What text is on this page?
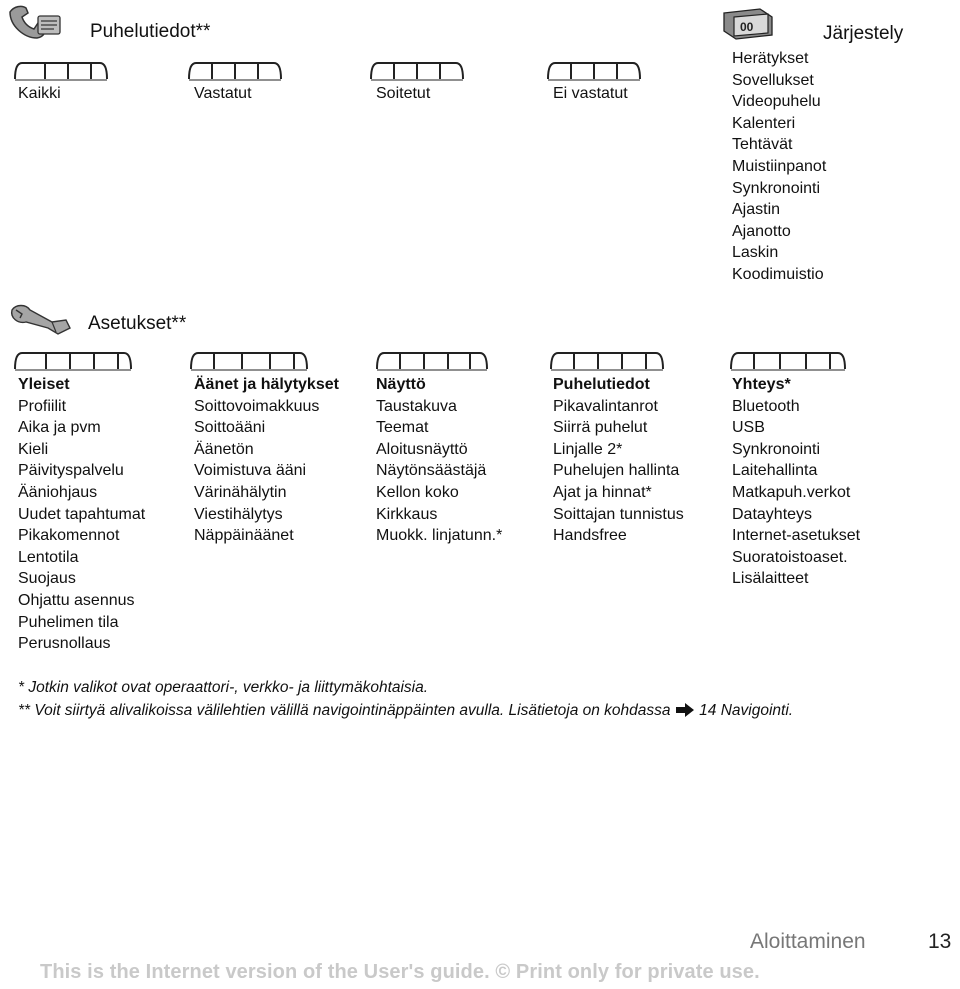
Puhelutiedot**
Kaikki	Vastatut	Soitetut	Ei vastatut
00	Järjestely
Herätykset
Sovellukset
Videopuhelu
Kalenteri
Tehtävät
Muistiinpanot
Synkronointi
Ajastin
Ajanotto
Laskin
Koodimuistio
Asetukset**
Yleiset
Profiilit
Aika ja pvm
Kieli
Päivityspalvelu
Ääniohjaus
Uudet tapahtumat
Pikakomennot
Lentotila
Suojaus
Ohjattu asennus
Puhelimen tila
Perusnollaus
Äänet ja hälytykset
Soittovoimakkuus
Soittoääni
Äänetön
Voimistuva ääni
Värinähälytin
Viestihälytys
Näppäinäänet
Näyttö
Taustakuva
Teemat
Aloitusnäyttö
Näytönsäästäjä
Kellon koko
Kirkkaus
Muokk. linjatunn.*
Puhelutiedot
Pikavalintanrot
Siirrä puhelut
Linjalle 2*
Puhelujen hallinta
Ajat ja hinnat*
Soittajan tunnistus
Handsfree
Yhteys*
Bluetooth
USB
Synkronointi
Laitehallinta
Matkapuh.verkot
Datayhteys
Internet-asetukset
Suoratoistoaset.
Lisälaitteet
* Jotkin valikot ovat operaattori-, verkko- ja liittymäkohtaisia.
** Voit siirtyä alivalikoissa välilehtien välillä navigointinäppäinten avulla. Lisätietoja on kohdassa 14 Navigointi.
Aloittaminen	13
This is the Internet version of the User's guide. © Print only for private use.
